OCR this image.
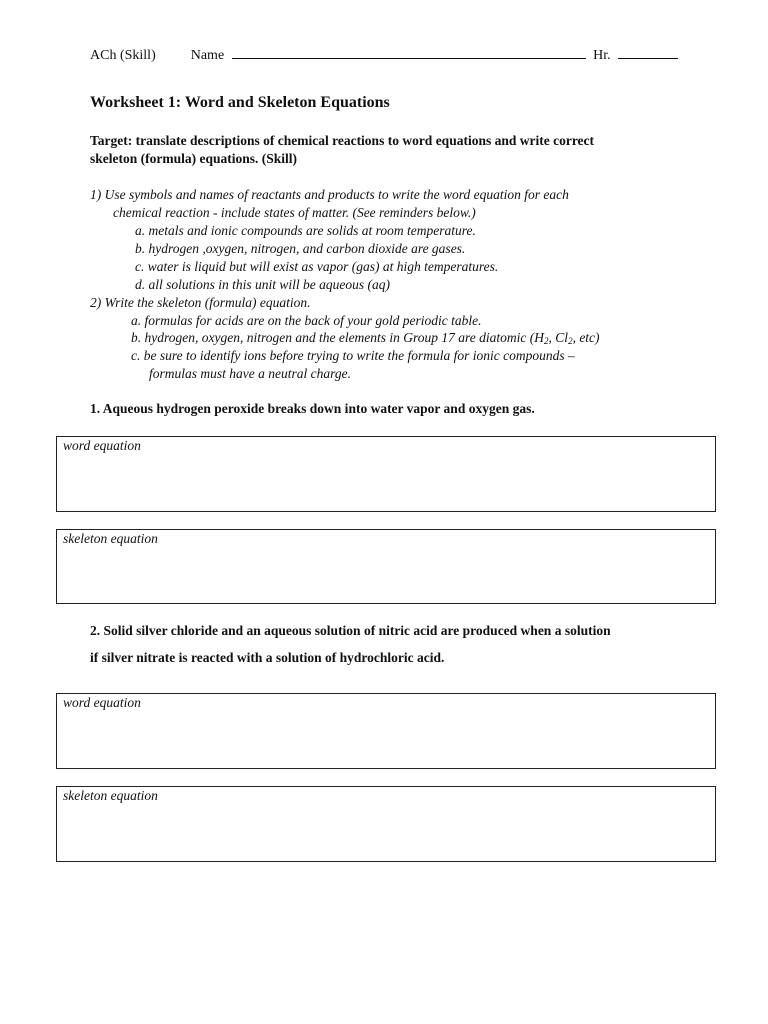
ACh (Skill)	Name	Hr.
Worksheet 1: Word and Skeleton Equations
Target: translate descriptions of chemical reactions to word equations and write correct
skeleton (formula) equations. (Skill)
1) Use symbols and names of reactants and products to write the word equation for each
chemical reaction - include states of matter. (See reminders below.)
a. metals and ionic compounds are solids at room temperature.
b. hydrogen ,oxygen, nitrogen, and carbon dioxide are gases.
c. water is liquid but will exist as vapor (gas) at high temperatures.
d. all solutions in this unit will be aqueous (aq)
2) Write the skeleton (formula) equation.
a. formulas for acids are on the back of your gold periodic table.
b. hydrogen, oxygen, nitrogen and the elements in Group 17 are diatomic ($H_2$, $Cl_2$, etc)
c. be sure to identify ions before trying to write the formula for ionic compounds –
formulas must have a neutral charge.
1. Aqueous hydrogen peroxide breaks down into water vapor and oxygen gas.
word equation
skeleton equation
2. Solid silver chloride and an aqueous solution of nitric acid are produced when a solution
if silver nitrate is reacted with a solution of hydrochloric acid.
word equation
skeleton equation
